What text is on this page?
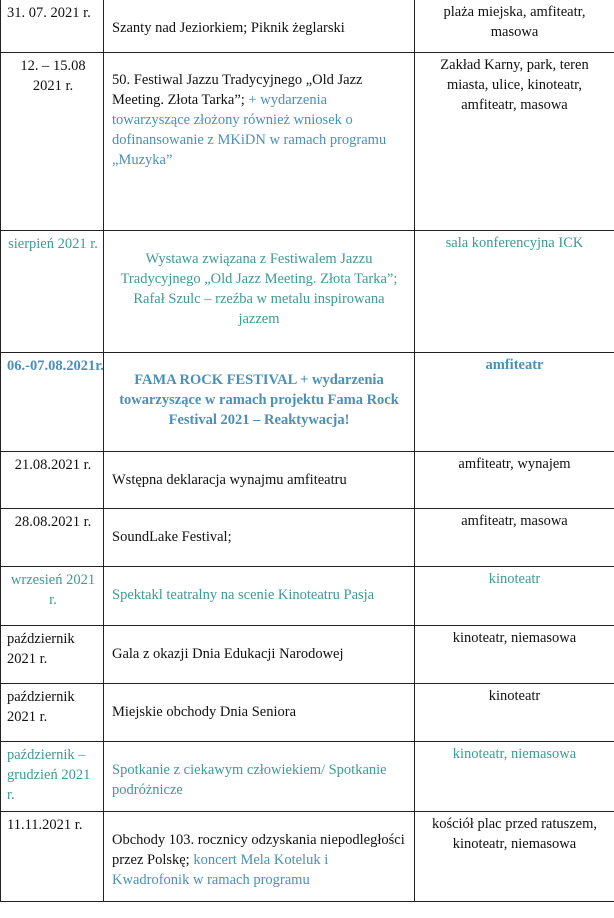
31. 07. 2021 r.	Szanty nad Jeziorkiem; Piknik żeglarski	plaża miejska, amfiteatr, masowa

12. – 15.08 2021 r.	50. Festiwal Jazzu Tradycyjnego „Old Jazz Meeting. Złota Tarka”; + wydarzenia towarzyszące złożony również wniosek o dofinansowanie z MKiDN w ramach programu „Muzyka”	Zakład Karny, park, teren miasta, ulice, kinoteatr, amfiteatr, masowa

sierpień 2021 r.	Wystawa związana z Festiwalem Jazzu Tradycyjnego „Old Jazz Meeting. Złota Tarka”; Rafał Szulc – rzeźba w metalu inspirowana jazzem	sala konferencyjna ICK

06.-07.08.2021r.	FAMA ROCK FESTIVAL + wydarzenia towarzyszące w ramach projektu Fama Rock Festival 2021 – Reaktywacja!	amfiteatr

21.08.2021 r.	Wstępna deklaracja wynajmu amfiteatru	amfiteatr, wynajem

28.08.2021 r.	SoundLake Festival;	amfiteatr, masowa

wrzesień 2021 r.	Spektakl teatralny na scenie Kinoteatru Pasja	kinoteatr
październik 2021 r.	Gala z okazji Dnia Edukacji Narodowej	kinoteatr, niemasowa
październik 2021 r.	Miejskie obchody Dnia Seniora	kinoteatr
październik – grudzień 2021 r.	Spotkanie z ciekawym człowiekiem/ Spotkanie podróżnicze	kinoteatr, niemasowa
11.11.2021 r.	Obchody 103. rocznicy odzyskania niepodległości przez Polskę; koncert Mela Koteluk i Kwadrofonik w ramach programu	kościół plac przed ratuszem, kinoteatr, niemasowa
